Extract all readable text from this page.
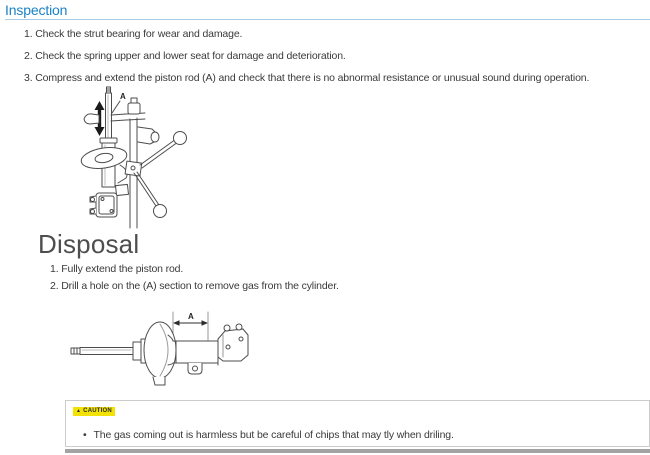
Inspection
Check the strut bearing for wear and damage.
Check the spring upper and lower seat for damage and deterioration.
Compress and extend the piston rod (A) and check that there is no abnormal resistance or unusual sound during operation.
A
Disposal
Fully extend the piston rod.
Drill a hole on the (A) section to remove gas from the cylinder.
A
▲ CAUTION
• The gas coming out is harmless but be careful of chips that may tly when driling.
